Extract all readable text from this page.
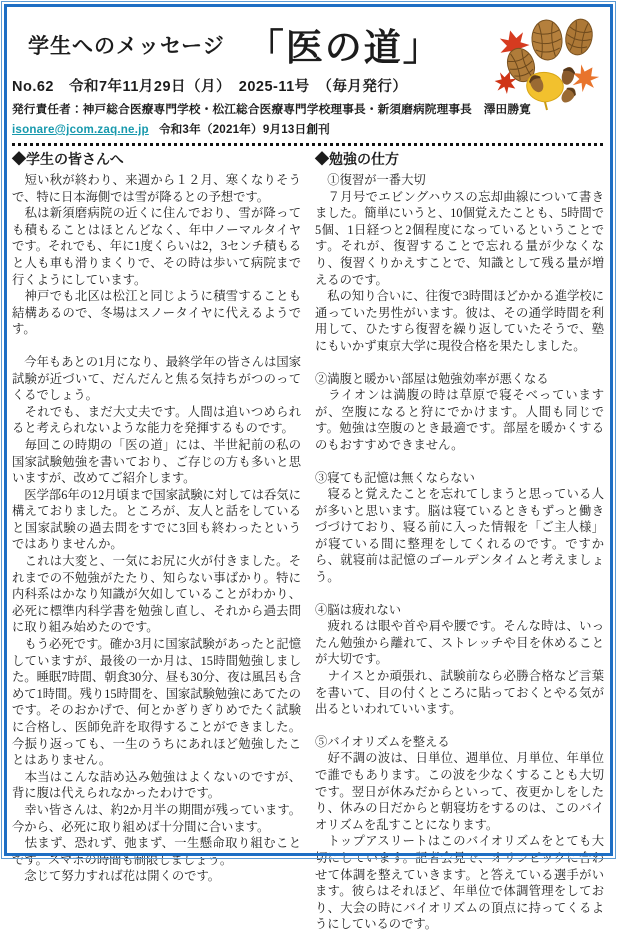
学生へのメッセージ 「医の道」
No.62　令和7年11月29日（月）　2025-11号　（毎月発行）
発行責任者：神戸総合医療専門学校・松江総合医療専門学校理事長・新須磨病院理事長　澤田勝寛
isonare@jcom.zaq.ne.jp 令和3年（2021年）9月13日創刊
◆学生の皆さんへ

　短い秋が終わり、来週から１２月、寒くなりそうで、特に日本海側では雪が降るとの予想です。

　私は新須磨病院の近くに住んでおり、雪が降っても積もることはほとんどなく、年中ノーマルタイヤです。それでも、年に1度くらいは2，3センチ積もると人も車も滑りまくりで、その時は歩いて病院まで行くようにしています。

　神戸でも北区は松江と同じように積雪することも結構あるので、冬場はスノータイヤに代えるようです。

　今年もあとの1月になり、最終学年の皆さんは国家試験が近づいて、だんだんと焦る気持ちがつのってくるでしょう。

　それでも、まだ大丈夫です。人間は追いつめられると考えられないような能力を発揮するものです。

　毎回この時期の「医の道」には、半世紀前の私の国家試験勉強を書いており、ご存じの方も多いと思いますが、改めてご紹介します。

　医学部6年の12月頃まで国家試験に対しては呑気に構えておりました。ところが、友人と話をしていると国家試験の過去問をすでに3回も終わったというではありませんか。

　これは大変と、一気にお尻に火が付きました。それまでの不勉強がたたり、知らない事ばかり。特に内科系はかなり知識が欠如していることがわかり、必死に標準内科学書を勉強し直し、それから過去問に取り組み始めたのです。

　もう必死です。確か3月に国家試験があったと記憶していますが、最後の一か月は、15時間勉強しました。睡眠7時間、朝食30分、昼も30分、夜は風呂も含めて1時間。残り15時間を、国家試験勉強にあてたのです。そのおかげで、何とかぎりぎりめでたく試験に合格し、医師免許を取得することができました。今振り返っても、一生のうちにあれほど勉強したことはありません。

　本当はこんな詰め込み勉強はよくないのですが、背に腹は代えられなかったわけです。

　幸い皆さんは、約2か月半の期間が残っています。今から、必死に取り組めば十分間に合います。

　怯まず、恐れず、弛まず、一生懸命取り組むことです。スマホの時間も制限しましょう。

　念じて努力すれば花は開くのです。

◆勉強の仕方

　①復習が一番大切

　７月号でエビングハウスの忘却曲線について書きました。簡単にいうと、10個覚えたことも、5時間で5個、1日経つと2個程度になっているということです。それが、復習することで忘れる量が少なくなり、復習くりかえすことで、知識として残る量が増えるのです。

　私の知り合いに、往復で3時間ほどかかる進学校に通っていた男性がいます。彼は、その通学時間を利用して、ひたすら復習を繰り返していたそうで、塾にもいかず東京大学に現役合格を果たしました。

②満腹と暖かい部屋は勉強効率が悪くなる

　ライオンは満腹の時は草原で寝そべっていますが、空腹になると狩にでかけます。人間も同じです。勉強は空腹のとき最適です。部屋を暖かくするのもおすすめできません。

③寝ても記憶は無くならない

　寝ると覚えたことを忘れてしまうと思っている人が多いと思います。脳は寝ているときもずっと働きづづけており、寝る前に入った情報を「ご主人様」が寝ている間に整理をしてくれるのです。ですから、就寝前は記憶のゴールデンタイムと考えましょう。

④脳は疲れない

　疲れるは眼や首や肩や腰です。そんな時は、いったん勉強から離れて、ストレッチや目を休めることが大切です。

　ナイスとか頑張れ、試験前なら必勝合格など言葉を書いて、目の付くところに貼っておくとやる気が出るといわれていいます。

⑤バイオリズムを整える

　好不調の波は、日単位、週単位、月単位、年単位で誰でもあります。この波を少なくすることも大切です。翌日が休みだからといって、夜更かしをしたり、休みの日だからと朝寝坊をするのは、このバイオリズムを乱すことになります。

　トップアスリートはこのバイオリズムをとても大切にしています。記者会見で、オリンピックに合わせて体調を整えていきます。と答えている選手がいます。彼らはそれほど、年単位で体調管理をしており、大会の時にバイオリズムの頂点に持ってくるようにしているのです。
